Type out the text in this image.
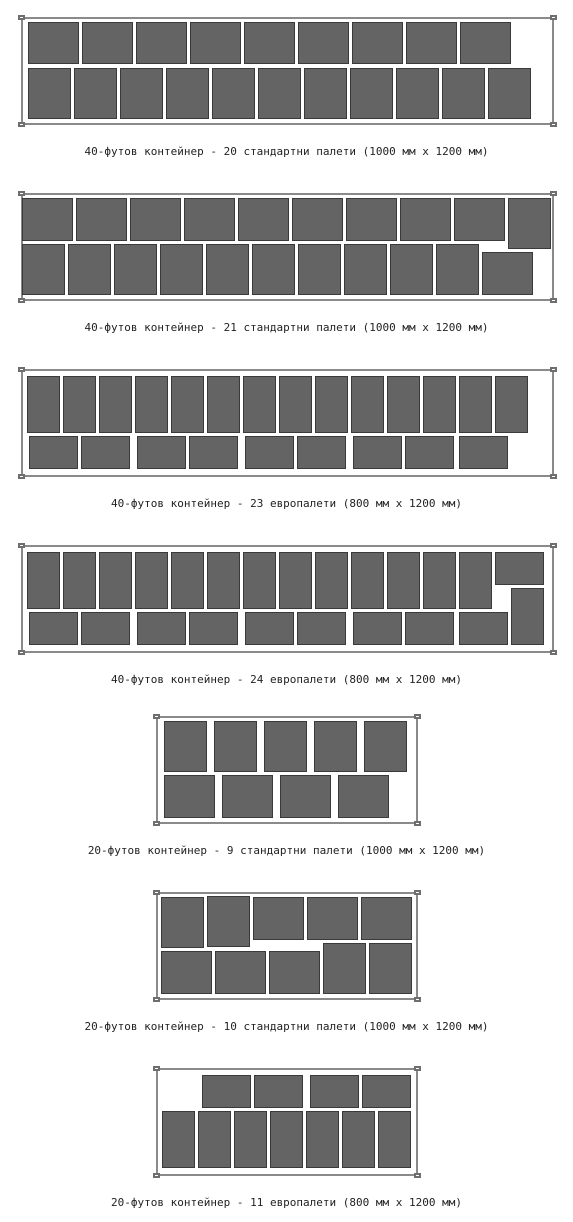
40-футов контейнер - 20 стандартни палети (1000 мм x 1200 мм)
40-футов контейнер - 21 стандартни палети (1000 мм x 1200 мм)
40-футов контейнер - 23 европалети (800 мм x 1200 мм)
40-футов контейнер - 24 европалети (800 мм x 1200 мм)
20-футов контейнер - 9 стандартни палети (1000 мм x 1200 мм)
20-футов контейнер - 10 стандартни палети (1000 мм x 1200 мм)
20-футов контейнер - 11 европалети (800 мм x 1200 мм)
